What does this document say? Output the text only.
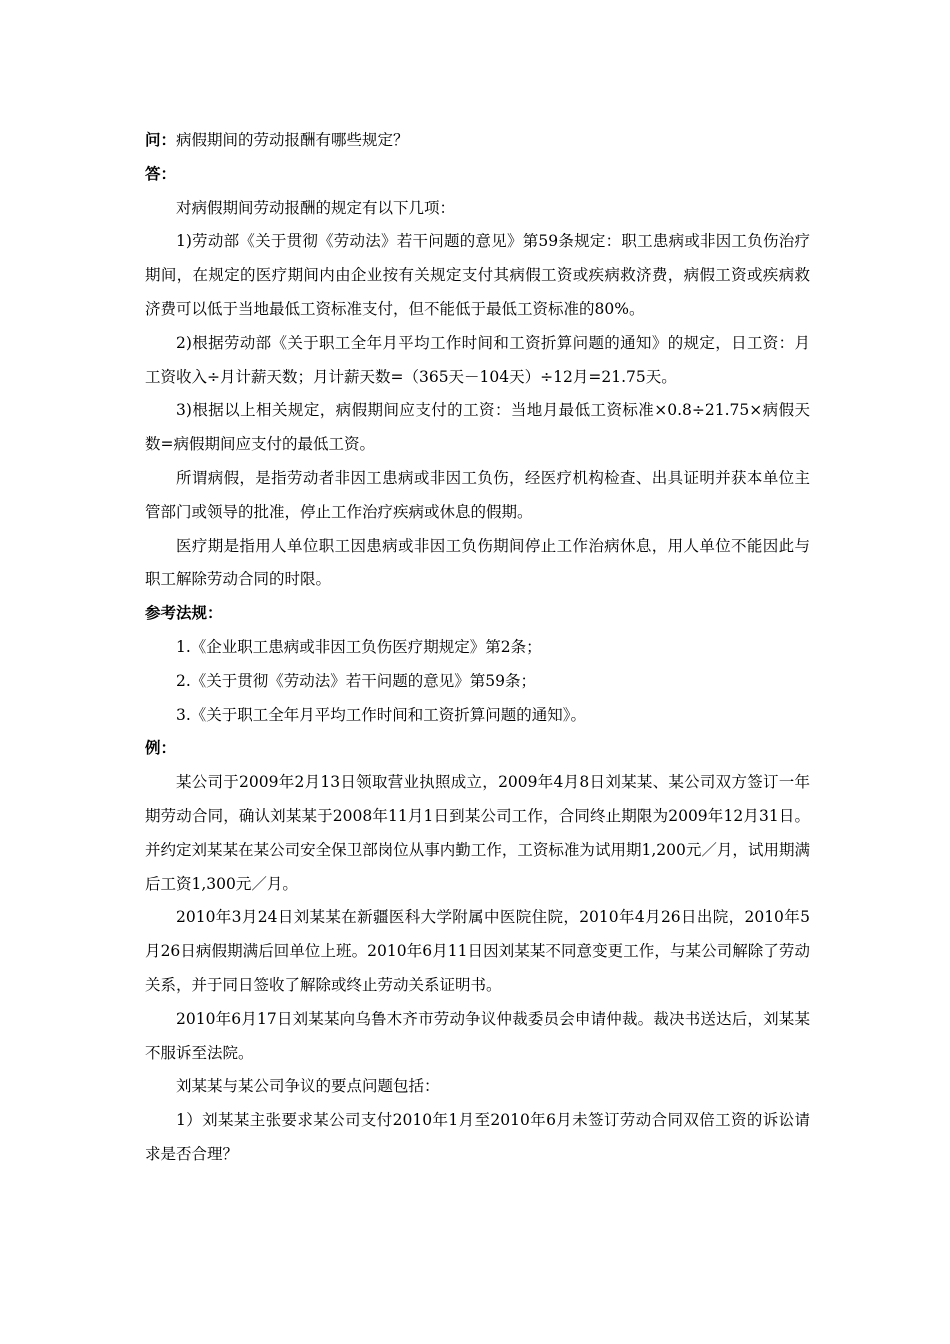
问：病假期间的劳动报酬有哪些规定？

答：

对病假期间劳动报酬的规定有以下几项：

1)劳动部《关于贯彻《劳动法》若干问题的意见》第59条规定：职工患病或非因工负伤治疗期间，在规定的医疗期间内由企业按有关规定支付其病假工资或疾病救济费，病假工资或疾病救济费可以低于当地最低工资标准支付，但不能低于最低工资标准的80%。

2)根据劳动部《关于职工全年月平均工作时间和工资折算问题的通知》的规定，日工资：月工资收入÷月计薪天数；月计薪天数=（365天－104天）÷12月=21.75天。

3)根据以上相关规定，病假期间应支付的工资：当地月最低工资标准×0.8÷21.75×病假天数=病假期间应支付的最低工资。

所谓病假，是指劳动者非因工患病或非因工负伤，经医疗机构检查、出具证明并获本单位主管部门或领导的批准，停止工作治疗疾病或休息的假期。

医疗期是指用人单位职工因患病或非因工负伤期间停止工作治病休息，用人单位不能因此与职工解除劳动合同的时限。

参考法规：

1.《企业职工患病或非因工负伤医疗期规定》第2条；

2.《关于贯彻《劳动法》若干问题的意见》第59条；

3.《关于职工全年月平均工作时间和工资折算问题的通知》。

例：

某公司于2009年2月13日领取营业执照成立，2009年4月8日刘某某、某公司双方签订一年期劳动合同，确认刘某某于2008年11月1日到某公司工作，合同终止期限为2009年12月31日。并约定刘某某在某公司安全保卫部岗位从事内勤工作，工资标准为试用期1,200元／月，试用期满后工资1,300元／月。

2010年3月24日刘某某在新疆医科大学附属中医院住院，2010年4月26日出院，2010年5月26日病假期满后回单位上班。2010年6月11日因刘某某不同意变更工作，与某公司解除了劳动关系，并于同日签收了解除或终止劳动关系证明书。

2010年6月17日刘某某向乌鲁木齐市劳动争议仲裁委员会申请仲裁。裁决书送达后，刘某某不服诉至法院。

刘某某与某公司争议的要点问题包括：

1）刘某某主张要求某公司支付2010年1月至2010年6月未签订劳动合同双倍工资的诉讼请求是否合理？
